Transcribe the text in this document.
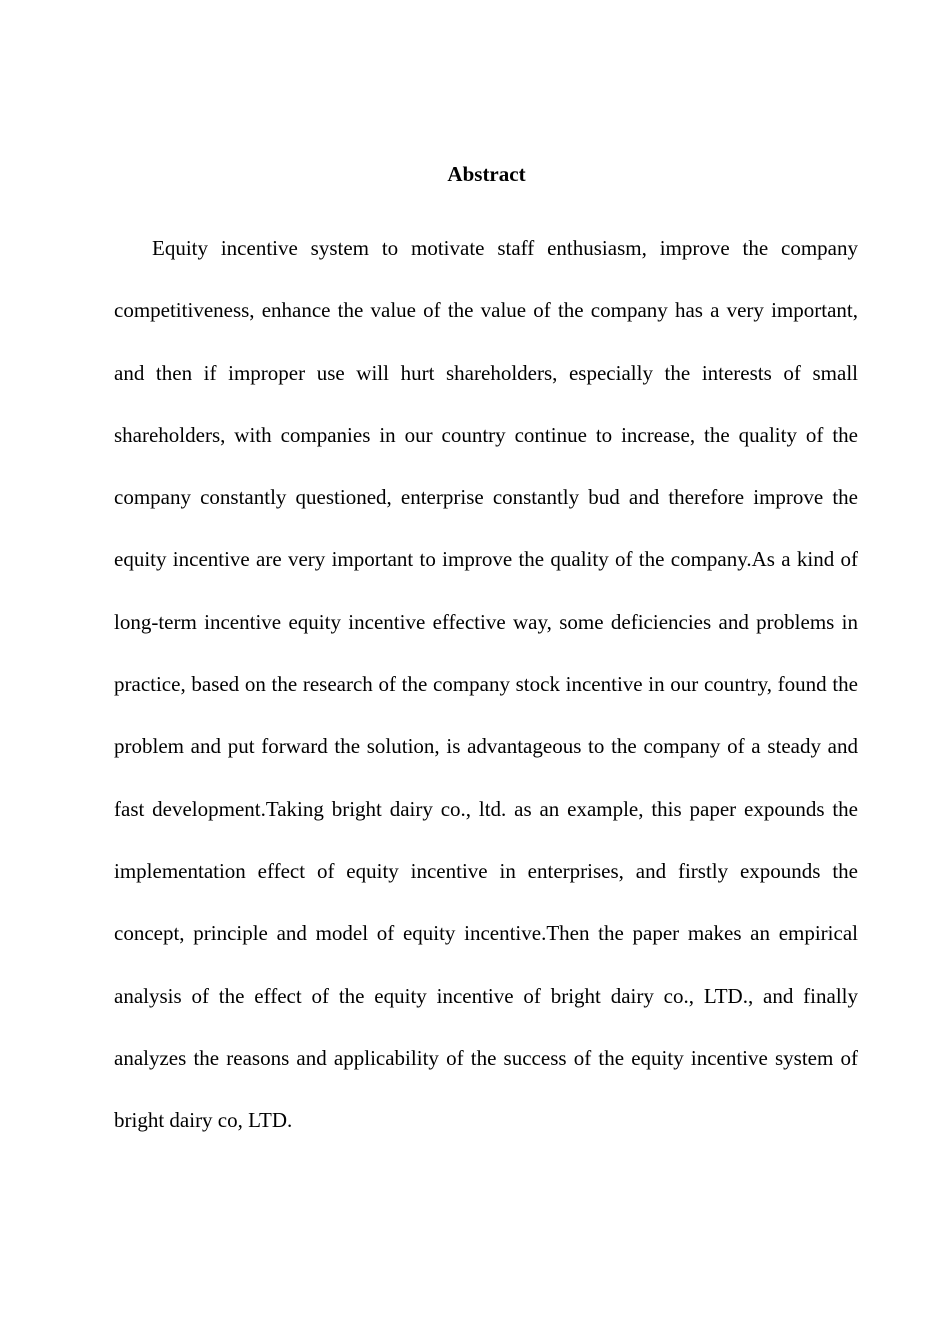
Abstract

Equity incentive system to motivate staff enthusiasm, improve the company competitiveness, enhance the value of the value of the company has a very important, and then if improper use will hurt shareholders, especially the interests of small shareholders, with companies in our country continue to increase, the quality of the company constantly questioned, enterprise constantly bud and therefore improve the equity incentive are very important to improve the quality of the company.As a kind of long-term incentive equity incentive effective way, some deficiencies and problems in practice, based on the research of the company stock incentive in our country, found the problem and put forward the solution, is advantageous to the company of a steady and fast development.Taking bright dairy co., ltd. as an example, this paper expounds the implementation effect of equity incentive in enterprises, and firstly expounds the concept, principle and model of equity incentive.Then the paper makes an empirical analysis of the effect of the equity incentive of bright dairy co., LTD., and finally analyzes the reasons and applicability of the success of the equity incentive system of bright dairy co, LTD.
